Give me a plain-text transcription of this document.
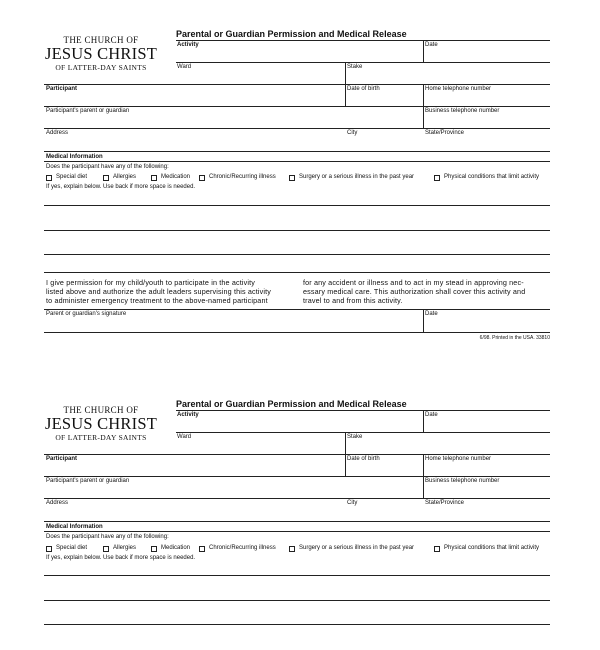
THE CHURCH OF
JESUS CHRIST
OF LATTER-DAY SAINTS
Parental or Guardian Permission and Medical Release
Activity	Date
Ward	Stake
Participant	Date of birth	Home telephone number
Participant's parent or guardian	Business telephone number
Address	City	State/Province
Medical Information
Does the participant have any of the following:
Special diet	Allergies	Medication	Chronic/Recurring illness	Surgery or a serious illness in the past year	Physical conditions that limit activity
If yes, explain below. Use back if more space is needed.
I give permission for my child/youth to participate in the activity
listed above and authorize the adult leaders supervising this activity
to administer emergency treatment to the above-named participant
for any accident or illness and to act in my stead in approving nec-
essary medical care. This authorization shall cover this activity and
travel to and from this activity.
Parent or guardian's signature	Date
6/98. Printed in the USA. 33810
THE CHURCH OF
JESUS CHRIST
OF LATTER-DAY SAINTS
Parental or Guardian Permission and Medical Release
Activity	Date
Ward	Stake
Participant	Date of birth	Home telephone number
Participant's parent or guardian	Business telephone number
Address	City	State/Province
Medical Information
Does the participant have any of the following:
Special diet	Allergies	Medication	Chronic/Recurring illness	Surgery or a serious illness in the past year	Physical conditions that limit activity
If yes, explain below. Use back if more space is needed.
